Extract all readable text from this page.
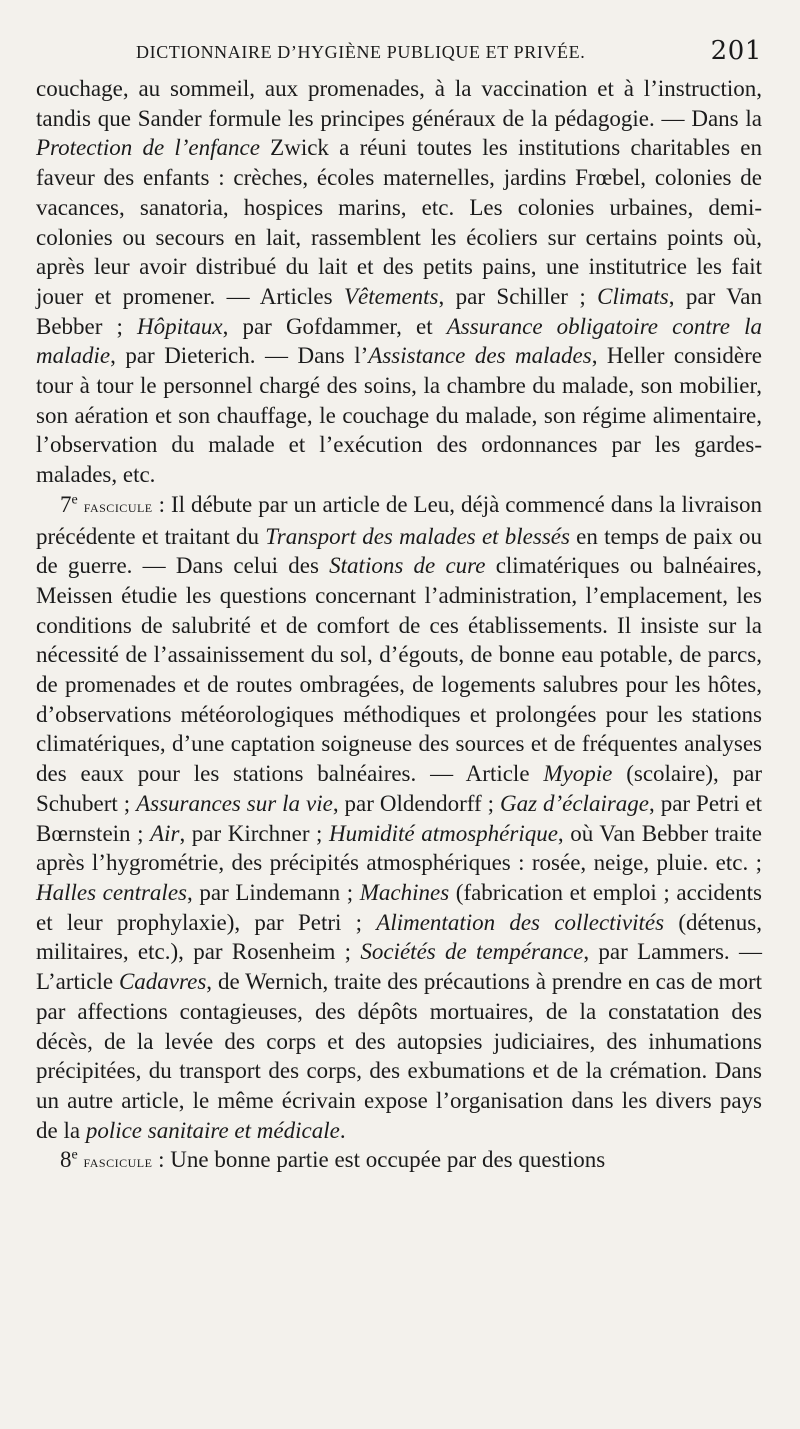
DICTIONNAIRE D’HYGIÈNE PUBLIQUE ET PRIVÉE.	201

couchage, au sommeil, aux promenades, à la vaccination et à l’instruction, tandis que Sander formule les principes généraux de la pédagogie. — Dans la Protection de l’enfance Zwick a réuni toutes les institutions charitables en faveur des enfants : crèches, écoles maternelles, jardins Frœbel, colonies de vacances, sanatoria, hospices marins, etc. Les colonies urbaines, demi-colonies ou secours en lait, rassemblent les écoliers sur certains points où, après leur avoir distribué du lait et des petits pains, une institutrice les fait jouer et promener. — Articles Vêtements, par Schiller ; Climats, par Van Bebber ; Hôpitaux, par Gofdammer, et Assurance obligatoire contre la maladie, par Dieterich. — Dans l’Assistance des malades, Heller considère tour à tour le personnel chargé des soins, la chambre du malade, son mobilier, son aération et son chauffage, le couchage du malade, son régime alimentaire, l’observation du malade et l’exécution des ordonnances par les gardes-malades, etc.

7e fascicule : Il débute par un article de Leu, déjà commencé dans la livraison précédente et traitant du Transport des malades et blessés en temps de paix ou de guerre. — Dans celui des Stations de cure climatériques ou balnéaires, Meissen étudie les questions concernant l’administration, l’emplacement, les conditions de salubrité et de comfort de ces établissements. Il insiste sur la nécessité de l’assainissement du sol, d’égouts, de bonne eau potable, de parcs, de promenades et de routes ombragées, de logements salubres pour les hôtes, d’observations météorologiques méthodiques et prolongées pour les stations climatériques, d’une captation soigneuse des sources et de fréquentes analyses des eaux pour les stations balnéaires. — Article Myopie (scolaire), par Schubert ; Assurances sur la vie, par Oldendorff ; Gaz d’éclairage, par Petri et Bœrnstein ; Air, par Kirchner ; Humidité atmosphérique, où Van Bebber traite après l’hygrométrie, des précipités atmosphériques : rosée, neige, pluie. etc. ; Halles centrales, par Lindemann ; Machines (fabrication et emploi ; accidents et leur prophylaxie), par Petri ; Alimentation des collectivités (détenus, militaires, etc.), par Rosenheim ; Sociétés de tempérance, par Lammers. — L’article Cadavres, de Wernich, traite des précautions à prendre en cas de mort par affections contagieuses, des dépôts mortuaires, de la constatation des décès, de la levée des corps et des autopsies judiciaires, des inhumations précipitées, du transport des corps, des exbumations et de la crémation. Dans un autre article, le même écrivain expose l’organisation dans les divers pays de la police sanitaire et médicale.

8e fascicule : Une bonne partie est occupée par des questions
